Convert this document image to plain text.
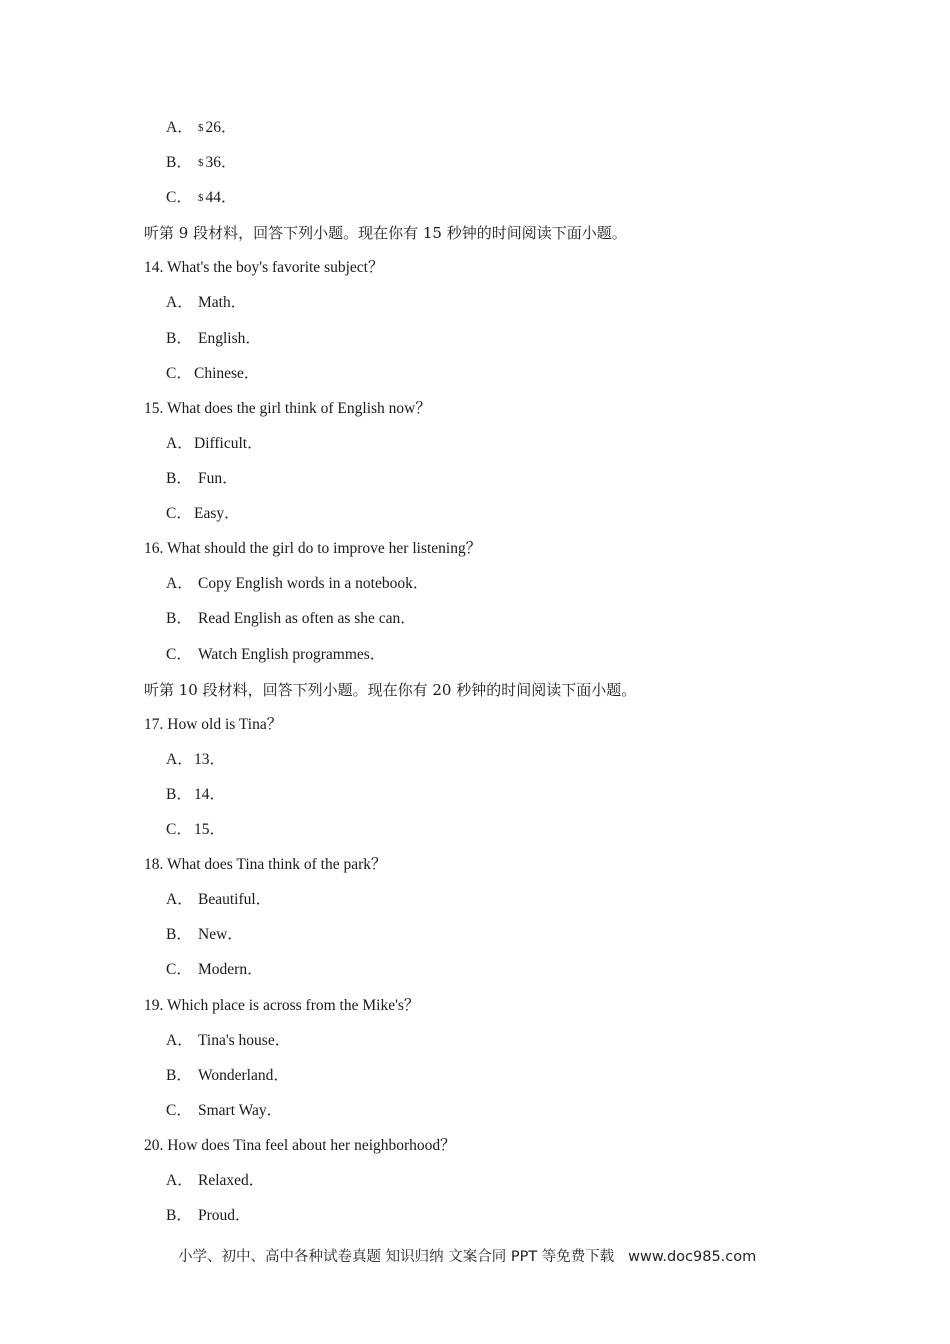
A． $ 26．
B． $ 36．
C． $ 44．
听第 9 段材料，回答下列小题。现在你有 15 秒钟的时间阅读下面小题。
14. What's the boy's favorite subject？
A． Math．
B． English．
C． Chinese．
15. What does the girl think of English now？
A．Difficult．
B． Fun．
C． Easy．
16. What should the girl do to improve her listening？
A． Copy English words in a notebook．
B． Read English as often as she can．
C． Watch English programmes．
听第 10 段材料，回答下列小题。现在你有 20 秒钟的时间阅读下面小题。
17. How old is Tina？
A．13．
B． 14．
C． 15．
18. What does Tina think of the park？
A． Beautiful．
B． New．
C． Modern．
19. Which place is across from the Mike's？
A． Tina's house．
B． Wonderland．
C． Smart Way．
20. How does Tina feel about her neighborhood？
A． Relaxed．
B． Proud．
小学、初中、高中各种试卷真题 知识归纳 文案合同 PPT 等免费下载   www.doc985.com
